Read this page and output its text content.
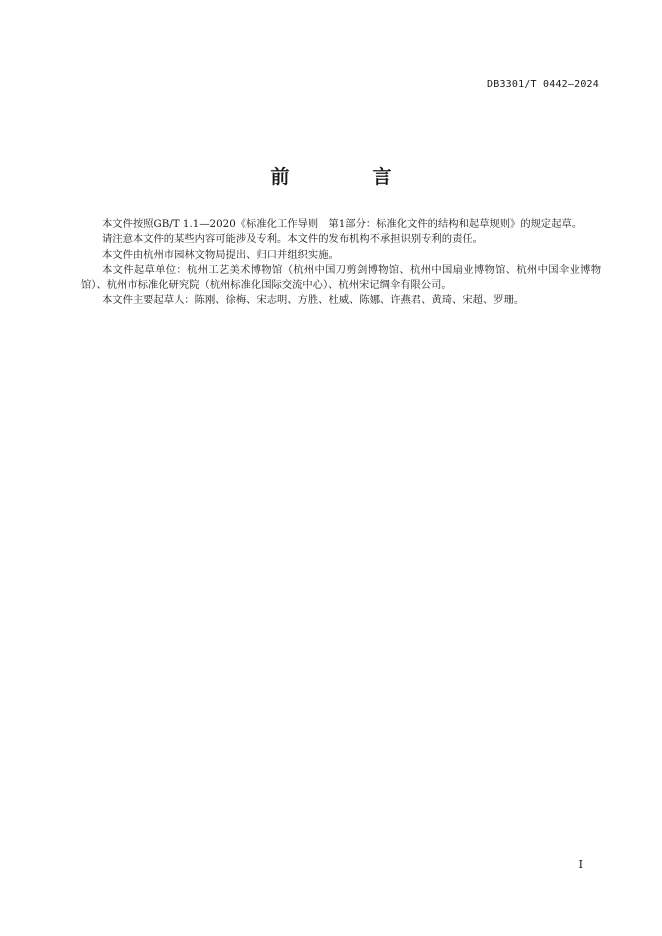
DB3301/T 0442—2024
前　言

本文件按照GB/T 1.1—2020《标准化工作导则　第1部分：标准化文件的结构和起草规则》的规定起草。

请注意本文件的某些内容可能涉及专利。本文件的发布机构不承担识别专利的责任。

本文件由杭州市园林文物局提出、归口并组织实施。

本文件起草单位：杭州工艺美术博物馆（杭州中国刀剪剑博物馆、杭州中国扇业博物馆、杭州中国伞业博物馆）、杭州市标准化研究院（杭州标准化国际交流中心）、杭州宋记绸伞有限公司。

本文件主要起草人：陈刚、徐梅、宋志明、方胜、杜威、陈娜、许燕君、黄琦、宋超、罗珊。

I
